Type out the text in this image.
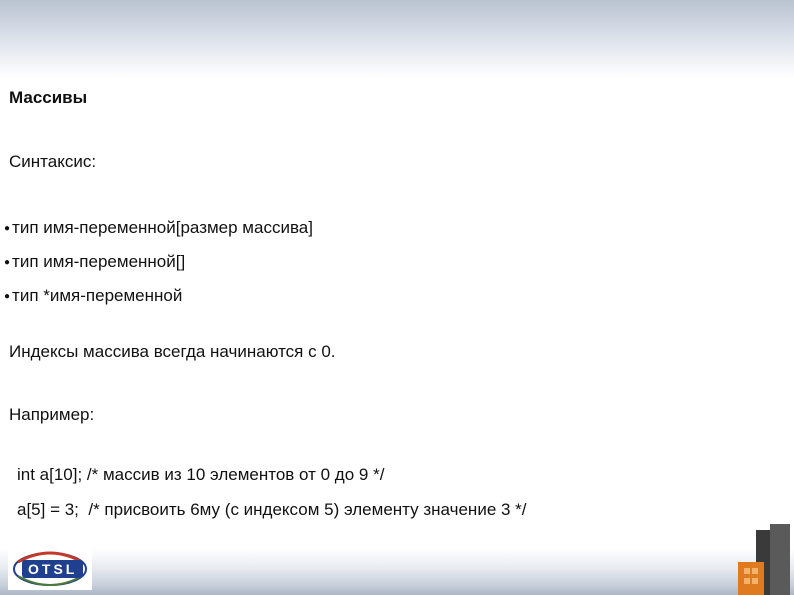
Массивы

Синтаксис:

● тип имя-переменной[размер массива]
● тип имя-переменной[]
● тип *имя-переменной

Индексы массива всегда начинаются с 0.

Например:

int a[10]; /* массив из 10 элементов от 0 до 9 */

a[5] = 3;  /* присвоить 6му (с индексом 5) элементу значение 3 */

OTSL
